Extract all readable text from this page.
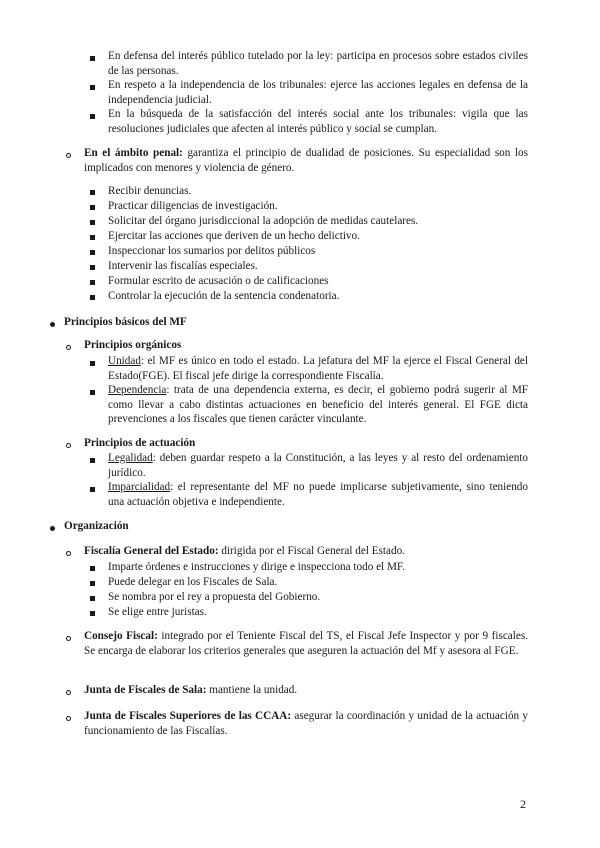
En defensa del interés público tutelado por la ley: participa en procesos sobre estados civiles de las personas.
En respeto a la independencia de los tribunales: ejerce las acciones legales en defensa de la independencia judicial.
En la búsqueda de la satisfacción del interés social ante los tribunales: vigila que las resoluciones judiciales que afecten al interés público y social se cumplan.
En el ámbito penal: garantiza el principio de dualidad de posiciones. Su especialidad son los implicados con menores y violencia de género.
Recibir denuncias.
Practicar diligencias de investigación.
Solicitar del órgano jurisdiccional la adopción de medidas cautelares.
Ejercitar las acciones que deriven de un hecho delictivo.
Inspeccionar los sumarios por delitos públicos
Intervenir las fiscalías especiales.
Formular escrito de acusación o de calificaciones
Controlar la ejecución de la sentencia condenatoria.
Principios básicos del MF
Principios orgánicos
Unidad: el MF es único en todo el estado. La jefatura del MF la ejerce el Fiscal General del Estado(FGE). El fiscal jefe dirige la correspondiente Fiscalía.
Dependencia: trata de una dependencia externa, es decir, el gobierno podrá sugerir al MF como llevar a cabo distintas actuaciones en beneficio del interés general. El FGE dicta prevenciones a los fiscales que tienen carácter vinculante.
Principios de actuación
Legalidad: deben guardar respeto a la Constitución, a las leyes y al resto del ordenamiento jurídico.
Imparcialidad: el representante del MF no puede implicarse subjetivamente, sino teniendo una actuación objetiva e independiente.
Organización
Fiscalía General del Estado: dirigida por el Fiscal General del Estado.
Imparte órdenes e instrucciones y dirige e inspecciona todo el MF.
Puede delegar en los Fiscales de Sala.
Se nombra por el rey a propuesta del Gobierno.
Se elige entre juristas.
Consejo Fiscal: integrado por el Teniente Fiscal del TS, el Fiscal Jefe Inspector y por 9 fiscales. Se encarga de elaborar los criterios generales que aseguren la actuación del Mf y asesora al FGE.
Junta de Fiscales de Sala: mantiene la unidad.
Junta de Fiscales Superiores de las CCAA: asegurar la coordinación y unidad de la actuación y funcionamiento de las Fiscalías.
2
